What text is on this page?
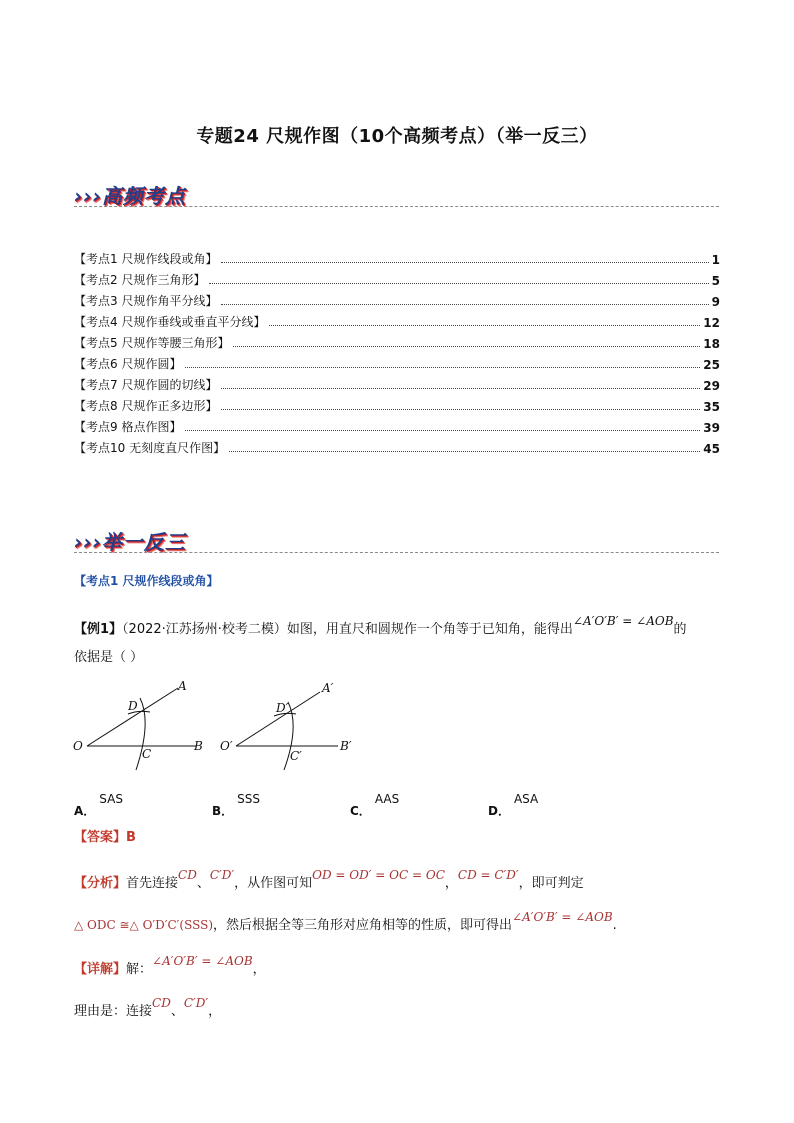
专题24 尺规作图（10个高频考点）（举一反三）
›››高频考点
【考点1 尺规作线段或角】	1
【考点2 尺规作三角形】	5
【考点3 尺规作角平分线】	9
【考点4 尺规作垂线或垂直平分线】	12
【考点5 尺规作等腰三角形】	18
【考点6 尺规作圆】	25
【考点7 尺规作圆的切线】	29
【考点8 尺规作正多边形】	35
【考点9 格点作图】	39
【考点10 无刻度直尺作图】	45
›››举一反三
【考点1 尺规作线段或角】
【例1】（2022·江苏扬州·校考二模）如图，用直尺和圆规作一个角等于已知角，能得出∠A′O′B′ = ∠AOB的
依据是（ ）
O
A
B
C
D
O′
A′
B′
C′
D′
A．SAS
B．SSS
C．AAS
D．ASA
【答案】B
【分析】首先连接CD、C′D′，从作图可知OD = OD′ = OC = OC，CD = C′D′，即可判定
△ ODC ≅△ O′D′C′(SSS)，然后根据全等三角形对应角相等的性质，即可得出∠A′O′B′ = ∠AOB.
【详解】解：∠A′O′B′ = ∠AOB，
理由是：连接CD、C′D′，
